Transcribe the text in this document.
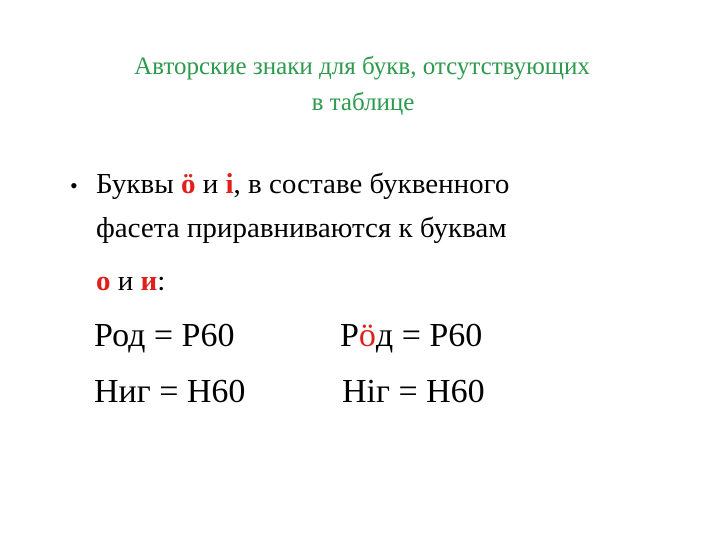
Авторские знаки для букв, отсутствующих
в таблице
• Буквы ö и i, в составе буквенного
фасета приравниваются к буквам
о и и:
Род = Р60	Рöд = Р60
Ниг = Н60	Нiг = Н60
